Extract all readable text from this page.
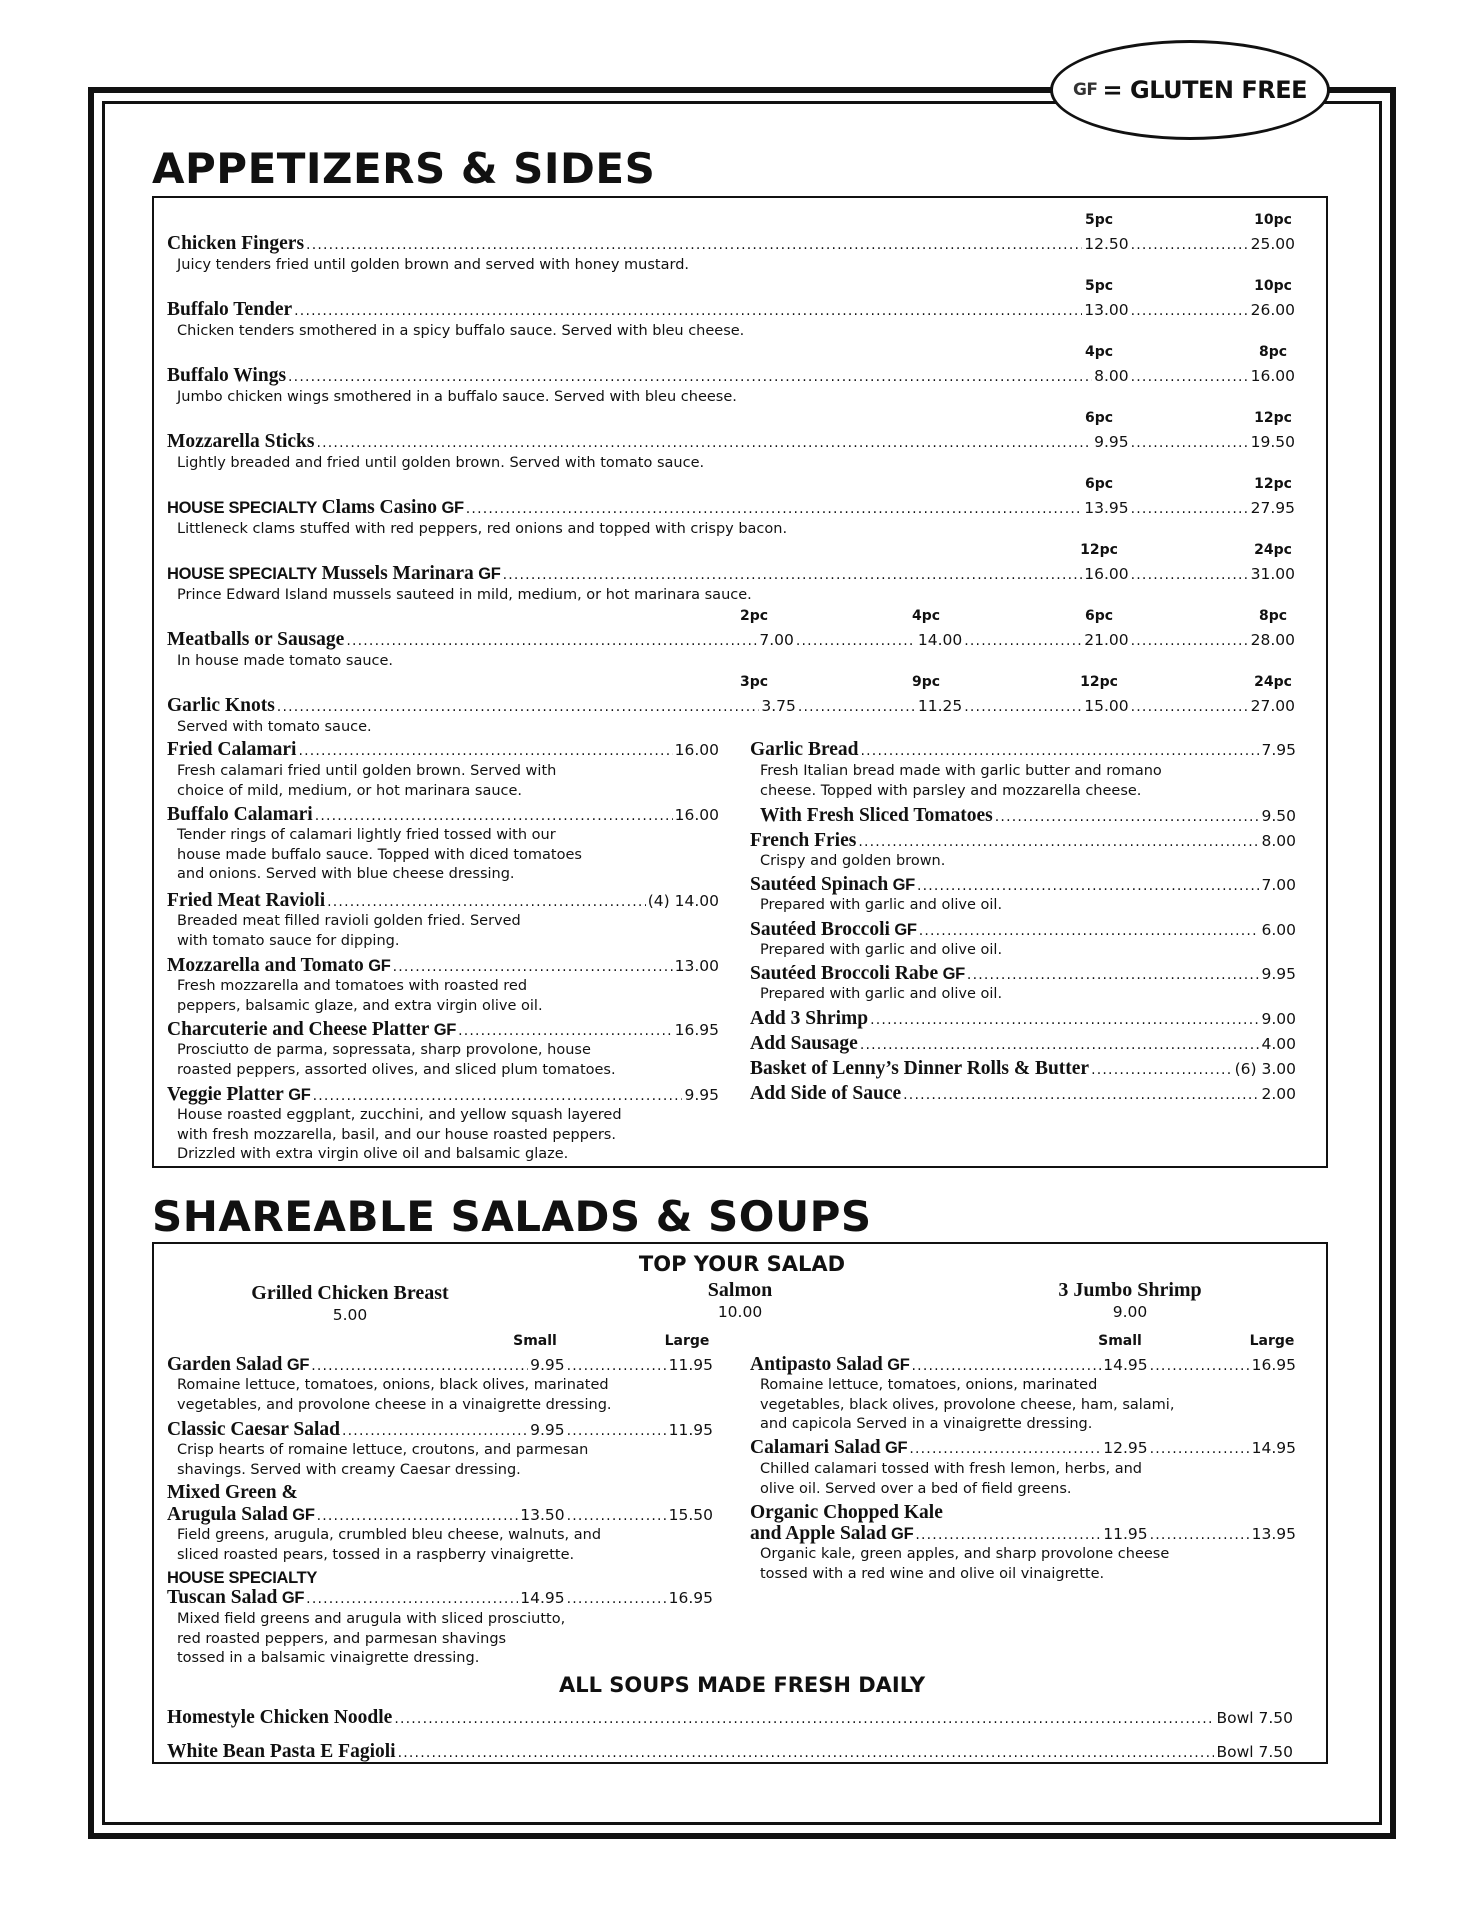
GF = GLUTEN FREE
APPETIZERS & SIDES
5pc	10pc
Chicken Fingers .....	12.50 .....	25.00
Juicy tenders fried until golden brown and served with honey mustard.
5pc	10pc
Buffalo Tender .....	13.00 .....	26.00
Chicken tenders smothered in a spicy buffalo sauce. Served with bleu cheese.
4pc	8pc
Buffalo Wings .....	8.00 .....	16.00
Jumbo chicken wings smothered in a buffalo sauce. Served with bleu cheese.
6pc	12pc
Mozzarella Sticks .....	9.95 .....	19.50
Lightly breaded and fried until golden brown. Served with tomato sauce.
6pc	12pc
HOUSE SPECIALTY
Clams Casino
GF .....	13.95 .....	27.95
Littleneck clams stuffed with red peppers, red onions and topped with crispy bacon.
12pc	24pc
HOUSE SPECIALTY
Mussels Marinara
GF .....	16.00 .....	31.00
Prince Edward Island mussels sauteed in mild, medium, or hot marinara sauce.
2pc	4pc	6pc	8pc
Meatballs or Sausage .....	7.00 .....	14.00 .....	21.00 .....	28.00
In house made tomato sauce.
3pc	9pc	12pc	24pc
Garlic Knots .....	3.75 .....	11.25 .....	15.00 .....	27.00
Served with tomato sauce.
Fried Calamari .....	16.00
Fresh calamari fried until golden brown. Served with
choice of mild, medium, or hot marinara sauce.
Buffalo Calamari .....	16.00
Tender rings of calamari lightly fried tossed with our
house made buffalo sauce. Topped with diced tomatoes
and onions. Served with blue cheese dressing.
Fried Meat Ravioli .....	(4) 14.00
Breaded meat filled ravioli golden fried. Served
with tomato sauce for dipping.
Mozzarella and Tomato
GF .....	13.00
Fresh mozzarella and tomatoes with roasted red
peppers, balsamic glaze, and extra virgin olive oil.
Charcuterie and Cheese Platter
GF .....	16.95
Prosciutto de parma, sopressata, sharp provolone, house
roasted peppers, assorted olives, and sliced plum tomatoes.
Veggie Platter
GF .....	9.95
House roasted eggplant, zucchini, and yellow squash layered
with fresh mozzarella, basil, and our house roasted peppers.
Drizzled with extra virgin olive oil and balsamic glaze.
Garlic Bread .....	7.95
Fresh Italian bread made with garlic butter and romano
cheese. Topped with parsley and mozzarella cheese.
With Fresh Sliced Tomatoes .....	9.50
French Fries .....	8.00
Crispy and golden brown.
Sautéed Spinach
GF .....	7.00
Prepared with garlic and olive oil.
Sautéed Broccoli
GF .....	6.00
Prepared with garlic and olive oil.
Sautéed Broccoli Rabe
GF .....	9.95
Prepared with garlic and olive oil.
Add 3 Shrimp .....	9.00
Add Sausage .....	4.00
Basket of Lenny’s Dinner Rolls & Butter .....	(6) 3.00
Add Side of Sauce .....	2.00
SHAREABLE SALADS & SOUPS
TOP YOUR SALAD
Grilled Chicken Breast
5.00
Salmon
10.00
3 Jumbo Shrimp
9.00
Small	Large	Small	Large
Garden Salad
GF .....	9.95 .....	11.95
Romaine lettuce, tomatoes, onions, black olives, marinated
vegetables, and provolone cheese in a vinaigrette dressing.
Classic Caesar Salad .....	9.95 .....	11.95
Crisp hearts of romaine lettuce, croutons, and parmesan
shavings. Served with creamy Caesar dressing.
Mixed Green &
Arugula Salad
GF .....	13.50 .....	15.50
Field greens, arugula, crumbled bleu cheese, walnuts, and
sliced roasted pears, tossed in a raspberry vinaigrette.
HOUSE SPECIALTY
Tuscan Salad
GF .....	14.95 .....	16.95
Mixed field greens and arugula with sliced prosciutto,
red roasted peppers, and parmesan shavings
tossed in a balsamic vinaigrette dressing.
Antipasto Salad
GF .....	14.95 .....	16.95
Romaine lettuce, tomatoes, onions, marinated
vegetables, black olives, provolone cheese, ham, salami,
and capicola Served in a vinaigrette dressing.
Calamari Salad
GF .....	12.95 .....	14.95
Chilled calamari tossed with fresh lemon, herbs, and
olive oil. Served over a bed of field greens.
Organic Chopped Kale
and Apple Salad
GF .....	11.95 .....	13.95
Organic kale, green apples, and sharp provolone cheese
tossed with a red wine and olive oil vinaigrette.
ALL SOUPS MADE FRESH DAILY
Homestyle Chicken Noodle .....	Bowl 7.50
White Bean Pasta E Fagioli .....	Bowl 7.50
